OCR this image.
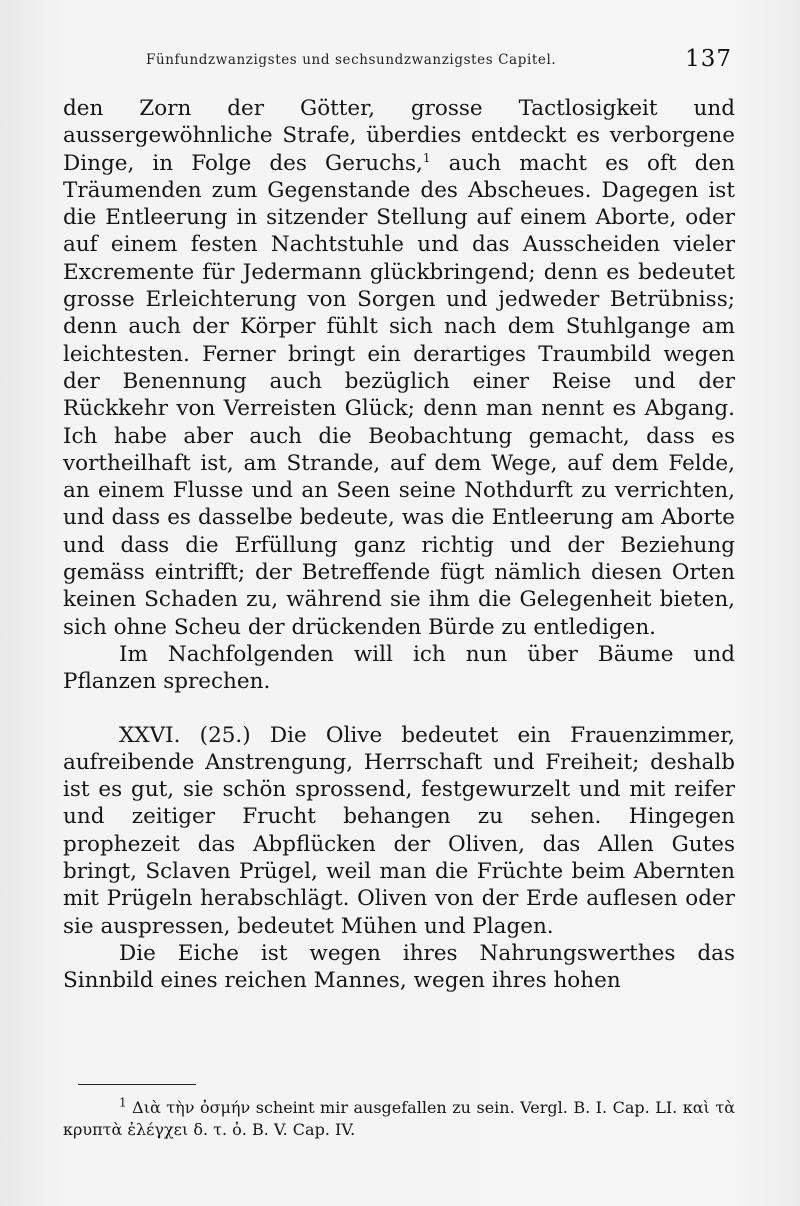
Fünfundzwanzigstes und sechsundzwanzigstes Capitel.	137

den Zorn der Götter, grosse Tactlosigkeit und aussergewöhnliche Strafe, überdies entdeckt es verborgene Dinge, in Folge des Geruchs,$^1$ auch macht es oft den Träumenden zum Gegenstande des Abscheues. Dagegen ist die Entleerung in sitzender Stellung auf einem Aborte, oder auf einem festen Nachtstuhle und das Ausscheiden vieler Excremente für Jedermann glückbringend; denn es bedeutet grosse Erleichterung von Sorgen und jedweder Betrübniss; denn auch der Körper fühlt sich nach dem Stuhlgange am leichtesten. Ferner bringt ein derartiges Traumbild wegen der Benennung auch bezüglich einer Reise und der Rückkehr von Verreisten Glück; denn man nennt es Abgang. Ich habe aber auch die Beobachtung gemacht, dass es vortheilhaft ist, am Strande, auf dem Wege, auf dem Felde, an einem Flusse und an Seen seine Nothdurft zu verrichten, und dass es dasselbe bedeute, was die Entleerung am Aborte und dass die Erfüllung ganz richtig und der Beziehung gemäss eintrifft; der Betreffende fügt nämlich diesen Orten keinen Schaden zu, während sie ihm die Gelegenheit bieten, sich ohne Scheu der drückenden Bürde zu entledigen.

Im Nachfolgenden will ich nun über Bäume und Pflanzen sprechen.

XXVI. (25.) Die Olive bedeutet ein Frauenzimmer, aufreibende Anstrengung, Herrschaft und Freiheit; deshalb ist es gut, sie schön sprossend, festgewurzelt und mit reifer und zeitiger Frucht behangen zu sehen. Hingegen prophezeit das Abpflücken der Oliven, das Allen Gutes bringt, Sclaven Prügel, weil man die Früchte beim Abernten mit Prügeln herabschlägt. Oliven von der Erde auflesen oder sie auspressen, bedeutet Mühen und Plagen.

Die Eiche ist wegen ihres Nahrungswerthes das Sinnbild eines reichen Mannes, wegen ihres hohen

$^1$ Διὰ τὴν ὀσμήν scheint mir ausgefallen zu sein. Vergl. B. I. Cap. LI. καὶ τὰ κρυπτὰ ἐλέγχει δ. τ. ὀ. B. V. Cap. IV.
